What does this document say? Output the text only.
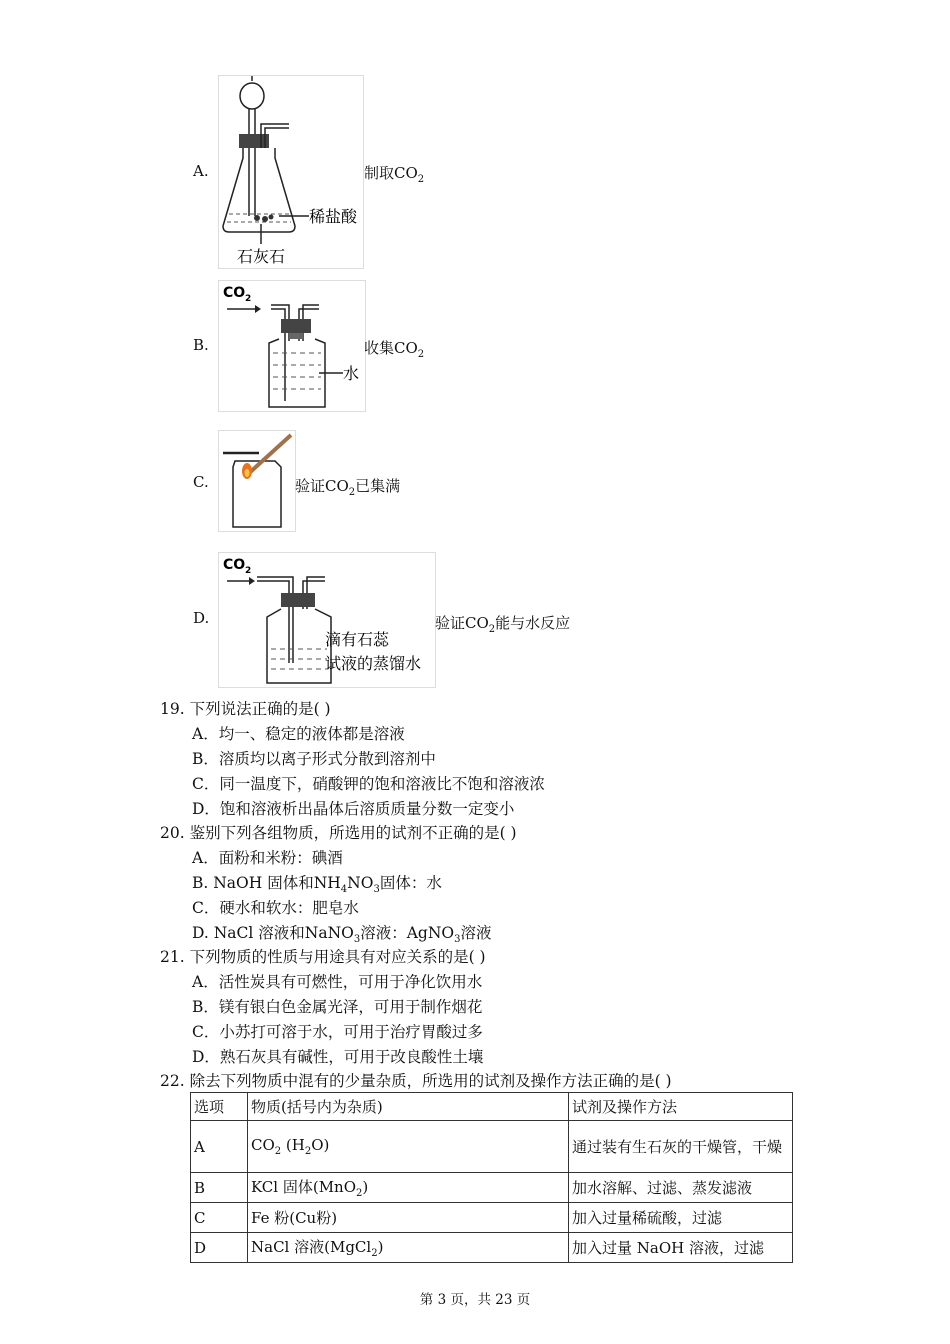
A.
稀盐酸
石灰石
制取$CO_2$
B.
CO 2
水
收集$CO_2$
C.	验证$CO_2$已集满
D.
CO 2
滴有石蕊
试液的蒸馏水
验证$CO_2$能与水反应
19. 下列说法正确的是( )
A．均一、稳定的液体都是溶液
B．溶质均以离子形式分散到溶剂中
C．同一温度下，硝酸钾的饱和溶液比不饱和溶液浓
D．饱和溶液析出晶体后溶质质量分数一定变小
20. 鉴别下列各组物质，所选用的试剂不正确的是( )
A．面粉和米粉：碘酒
B. NaOH 固体和$NH_4NO_3$固体：水
C．硬水和软水：肥皂水
D. NaCl 溶液和NaNO$_3$溶液：AgNO$_3$溶液
21. 下列物质的性质与用途具有对应关系的是( )
A．活性炭具有可燃性，可用于净化饮用水
B．镁有银白色金属光泽，可用于制作烟花
C．小苏打可溶于水，可用于治疗胃酸过多
D．熟石灰具有碱性，可用于改良酸性土壤
22. 除去下列物质中混有的少量杂质，所选用的试剂及操作方法正确的是( )
选项	物质(括号内为杂质)	试剂及操作方法
A	$CO_2$ $(H_2O)$	通过装有生石灰的干燥管，干燥
B	KCl 固体(MnO$_2$)	加水溶解、过滤、蒸发滤液
C	Fe 粉(Cu粉)	加入过量稀硫酸，过滤
D	NaCl 溶液(MgCl$_2$)	加入过量 NaOH 溶液，过滤
第 3 页，共 23 页
